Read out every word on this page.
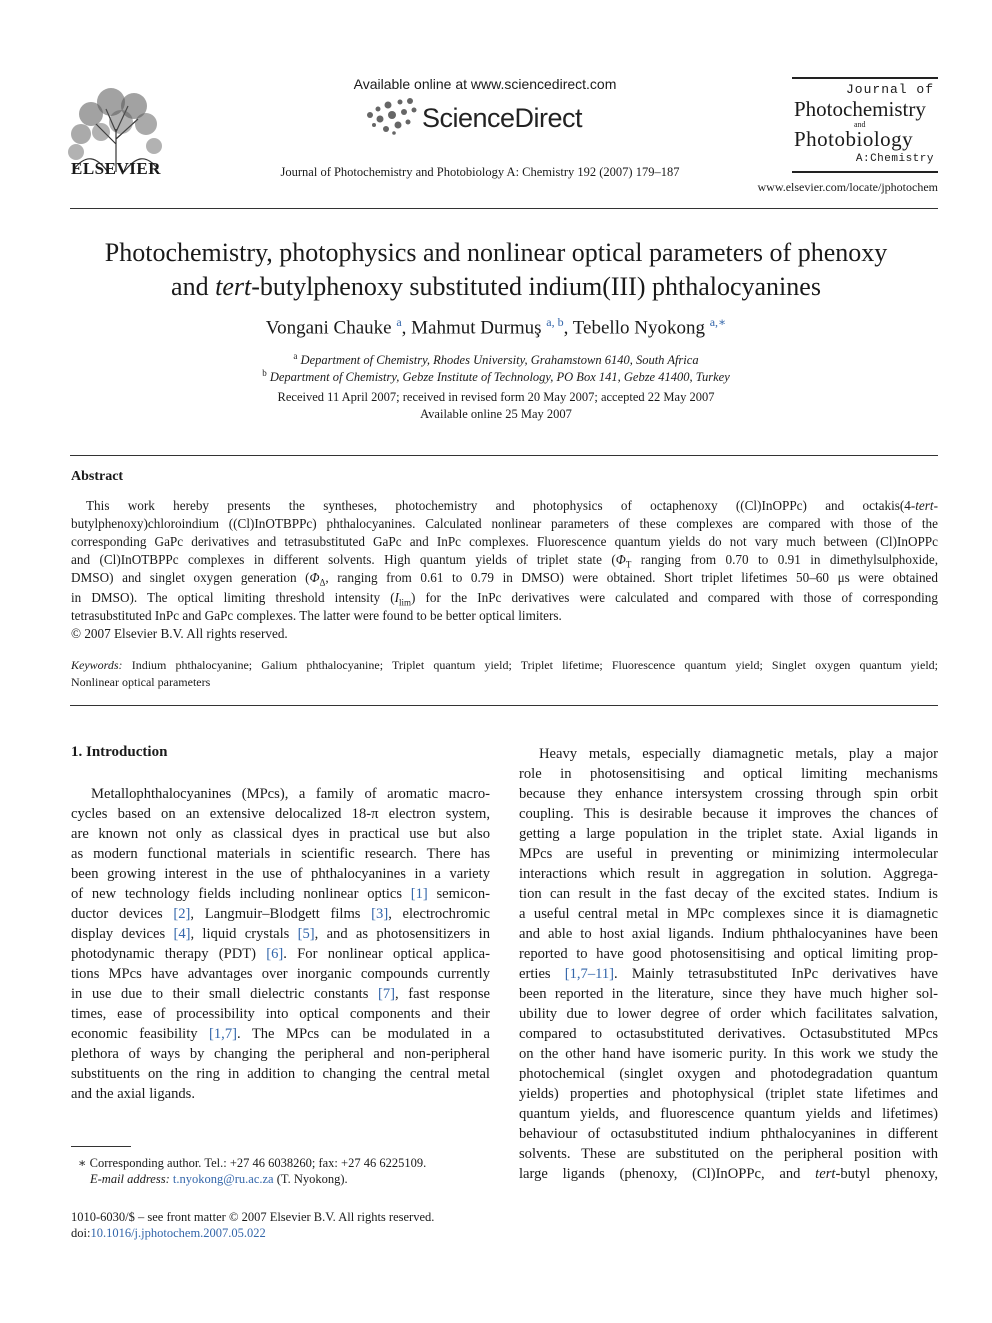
ELSEVIER
Available online at www.sciencedirect.com
ScienceDirect
Journal of Photochemistry and Photobiology A: Chemistry 192 (2007) 179–187
Journal of
Photochemistry
and
Photobiology
A:Chemistry
www.elsevier.com/locate/jphotochem
Photochemistry, photophysics and nonlinear optical parameters of phenoxy
and tert-butylphenoxy substituted indium(III) phthalocyanines
Vongani Chauke $^a$, Mahmut Durmuş $^{a, b}$, Tebello Nyokong $^{a,∗}$
$^a$ Department of Chemistry, Rhodes University, Grahamstown 6140, South Africa
$^b$ Department of Chemistry, Gebze Institute of Technology, PO Box 141, Gebze 41400, Turkey
Received 11 April 2007; received in revised form 20 May 2007; accepted 22 May 2007
Available online 25 May 2007
Abstract
This work hereby presents the syntheses, photochemistry and photophysics of octaphenoxy ((Cl)InOPPc) and octakis(4-tert-
butylphenoxy)chloroindium ((Cl)InOTBPPc) phthalocyanines. Calculated nonlinear parameters of these complexes are compared with those of the
corresponding GaPc derivatives and tetrasubstituted GaPc and InPc complexes. Fluorescence quantum yields do not vary much between (Cl)InOPPc
and (Cl)InOTBPPc complexes in different solvents. High quantum yields of triplet state ($\Phi_T$ ranging from 0.70 to 0.91 in dimethylsulphoxide,
DMSO) and singlet oxygen generation ($\Phi_\Delta$, ranging from 0.61 to 0.79 in DMSO) were obtained. Short triplet lifetimes 50–60 μs were obtained
in DMSO). The optical limiting threshold intensity $(I_{lim})$ for the InPc derivatives were calculated and compared with those of corresponding
tetrasubstituted InPc and GaPc complexes. The latter were found to be better optical limiters.
© 2007 Elsevier B.V. All rights reserved.
Keywords: Indium phthalocyanine; Galium phthalocyanine; Triplet quantum yield; Triplet lifetime; Fluorescence quantum yield; Singlet oxygen quantum yield;
Nonlinear optical parameters
1. Introduction
Metallophthalocyanines (MPcs), a family of aromatic macro-
cycles based on an extensive delocalized 18-π electron system,
are known not only as classical dyes in practical use but also
as modern functional materials in scientific research. There has
been growing interest in the use of phthalocyanines in a variety
of new technology fields including nonlinear optics [1] semicon-
ductor devices [2], Langmuir–Blodgett films [3], electrochromic
display devices [4], liquid crystals [5], and as photosensitizers in
photodynamic therapy (PDT) [6]. For nonlinear optical applica-
tions MPcs have advantages over inorganic compounds currently
in use due to their small dielectric constants [7], fast response
times, ease of processibility into optical components and their
economic feasibility [1,7]. The MPcs can be modulated in a
plethora of ways by changing the peripheral and non-peripheral
substituents on the ring in addition to changing the central metal
and the axial ligands.
Heavy metals, especially diamagnetic metals, play a major
role in photosensitising and optical limiting mechanisms
because they enhance intersystem crossing through spin orbit
coupling. This is desirable because it improves the chances of
getting a large population in the triplet state. Axial ligands in
MPcs are useful in preventing or minimizing intermolecular
interactions which result in aggregation in solution. Aggrega-
tion can result in the fast decay of the excited states. Indium is
a useful central metal in MPc complexes since it is diamagnetic
and able to host axial ligands. Indium phthalocyanines have been
reported to have good photosensitising and optical limiting prop-
erties [1,7–11]. Mainly tetrasubstituted InPc derivatives have
been reported in the literature, since they have much higher sol-
ubility due to lower degree of order which facilitates salvation,
compared to octasubstituted derivatives. Octasubstituted MPcs
on the other hand have isomeric purity. In this work we study the
photochemical (singlet oxygen and photodegradation quantum
yields) properties and photophysical (triplet state lifetimes and
quantum yields, and fluorescence quantum yields and lifetimes)
behaviour of octasubstituted indium phthalocyanines in different
solvents. These are substituted on the peripheral position with
large ligands (phenoxy, (Cl)InOPPc, and tert-butyl phenoxy,
∗ Corresponding author. Tel.: +27 46 6038260; fax: +27 46 6225109.
E-mail address: t.nyokong@ru.ac.za (T. Nyokong).
1010-6030/$ – see front matter © 2007 Elsevier B.V. All rights reserved.
doi:10.1016/j.jphotochem.2007.05.022
